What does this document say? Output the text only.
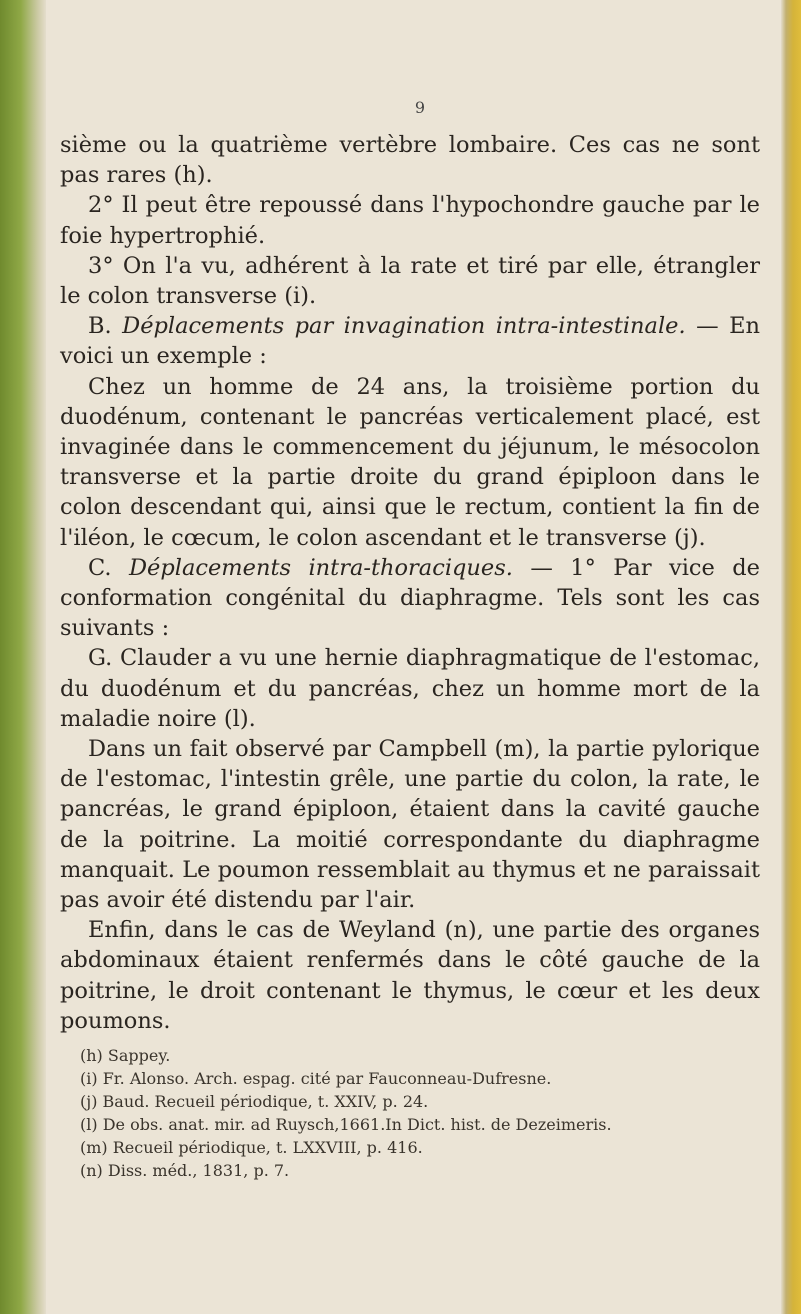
9

sième ou la quatrième vertèbre lombaire. Ces cas ne sont pas rares (h).

2° Il peut être repoussé dans l'hypochondre gauche par le foie hypertrophié.

3° On l'a vu, adhérent à la rate et tiré par elle, étrangler le colon transverse (i).

B. Déplacements par invagination intra-intestinale. — En voici un exemple :

Chez un homme de 24 ans, la troisième portion du duodénum, contenant le pancréas verticalement placé, est invaginée dans le commencement du jéjunum, le mésocolon transverse et la partie droite du grand épiploon dans le colon descendant qui, ainsi que le rectum, contient la fin de l'iléon, le cœcum, le colon ascendant et le transverse (j).

C. Déplacements intra-thoraciques. — 1° Par vice de conformation congénital du diaphragme. Tels sont les cas suivants :

G. Clauder a vu une hernie diaphragmatique de l'estomac, du duodénum et du pancréas, chez un homme mort de la maladie noire (l).

Dans un fait observé par Campbell (m), la partie pylorique de l'estomac, l'intestin grêle, une partie du colon, la rate, le pancréas, le grand épiploon, étaient dans la cavité gauche de la poitrine. La moitié correspondante du diaphragme manquait. Le poumon ressemblait au thymus et ne paraissait pas avoir été distendu par l'air.

Enfin, dans le cas de Weyland (n), une partie des organes abdominaux étaient renfermés dans le côté gauche de la poitrine, le droit contenant le thymus, le cœur et les deux poumons.

(h) Sappey.

(i) Fr. Alonso. Arch. espag. cité par Fauconneau-Dufresne.

(j) Baud. Recueil périodique, t. XXIV, p. 24.

(l) De obs. anat. mir. ad Ruysch,1661.In Dict. hist. de Dezeimeris.

(m) Recueil périodique, t. LXXVIII, p. 416.

(n) Diss. méd., 1831, p. 7.
